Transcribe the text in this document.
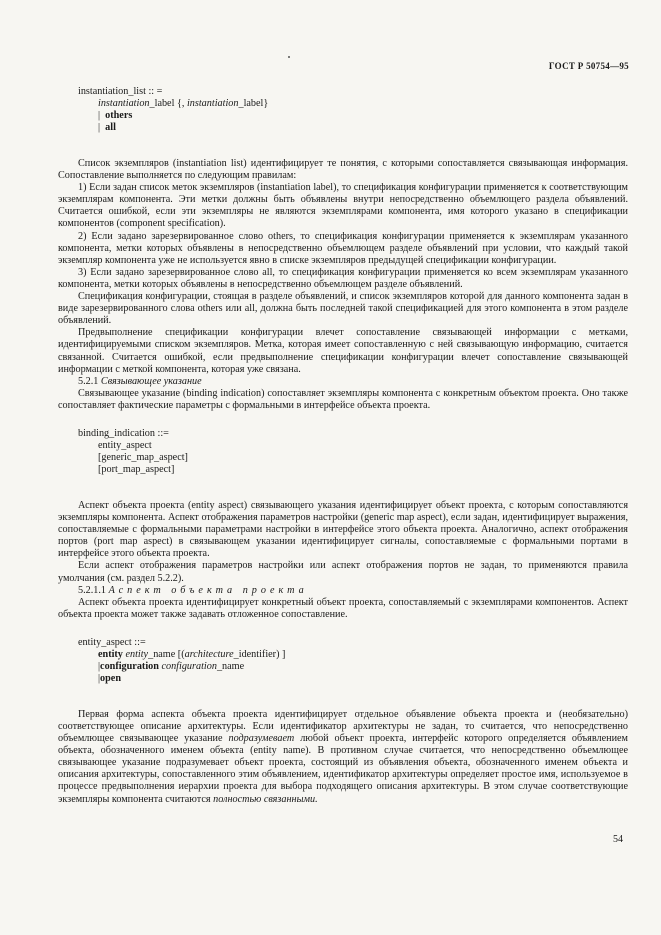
ГОСТ Р 50754—95
instantiation_list :: =
instantiation_label {, instantiation_label}
| others
| all

Список экземпляров (instantiation list) идентифицирует те понятия, с которыми сопоставляется связывающая информация. Сопоставление выполняется по следующим правилам:

1) Если задан список меток экземпляров (instantiation label), то спецификация конфигурации применяется к соответствующим экземплярам компонента. Эти метки должны быть объявлены внутри непосредственно объемлющего раздела объявлений. Считается ошибкой, если эти экземпляры не являются экземплярами компонента, имя которого указано в спецификации компонентов (component specification).

2) Если задано зарезервированное слово others, то спецификация конфигурации применяется к экземплярам указанного компонента, метки которых объявлены в непосредственно объемлющем разделе объявлений при условии, что каждый такой экземпляр компонента уже не используется явно в списке экземпляров предыдущей спецификации конфигурации.

3) Если задано зарезервированное слово all, то спецификация конфигурации применяется ко всем экземплярам указанного компонента, метки которых объявлены в непосредственно объемлющем разделе объявлений.

Спецификация конфигурации, стоящая в разделе объявлений, и список экземпляров которой для данного компонента задан в виде зарезервированного слова others или all, должна быть последней такой спецификацией для этого компонента в этом разделе объявлений.

Предвыполнение спецификации конфигурации влечет сопоставление связывающей информации с метками, идентифицируемыми списком экземпляров. Метка, которая имеет сопоставленную с ней связывающую информацию, считается связанной. Считается ошибкой, если предвыполнение спецификации конфигурации влечет сопоставление связывающей информации с меткой компонента, которая уже связана.

5.2.1 Связывающее указание

Связывающее указание (binding indication) сопоставляет экземпляры компонента с конкретным объектом проекта. Оно также сопоставляет фактические параметры с формальными в интерфейсе объекта проекта.

binding_indication ::=
entity_aspect
[generic_map_aspect]
[port_map_aspect]

Аспект объекта проекта (entity aspect) связывающего указания идентифицирует объект проекта, с которым сопоставляются экземпляры компонента. Аспект отображения параметров настройки (generic map aspect), если задан, идентифицирует выражения, сопоставляемые с формальными параметрами настройки в интерфейсе этого объекта проекта. Аналогично, аспект отображения портов (port map aspect) в связывающем указании идентифицирует сигналы, сопоставляемые с формальными портами в интерфейсе этого объекта проекта.

Если аспект отображения параметров настройки или аспект отображения портов не задан, то применяются правила умолчания (см. раздел 5.2.2).

5.2.1.1 Аспект объекта проекта

Аспект объекта проекта идентифицирует конкретный объект проекта, сопоставляемый с экземплярами компонентов. Аспект объекта проекта может также задавать отложенное сопоставление.

entity_aspect ::=
entity entity_name [(architecture_identifier) ]
|configuration configuration_name
|open

Первая форма аспекта объекта проекта идентифицирует отдельное объявление объекта проекта и (необязательно) соответствующее описание архитектуры. Если идентификатор архитектуры не задан, то считается, что непосредственно объемлющее связывающее указание подразумевает любой объект проекта, интерфейс которого определяется объявлением объекта, обозначенного именем объекта (entity name). В противном случае считается, что непосредственно объемлющее связывающее указание подразумевает объект проекта, состоящий из объявления объекта, обозначенного именем объекта и описания архитектуры, сопоставленного этим объявлением, идентификатор архитектуры определяет простое имя, используемое в процессе предвыполнения иерархии проекта для выбора подходящего описания архитектуры. В этом случае соответствующие экземпляры компонента считаются полностью связанными.

54
